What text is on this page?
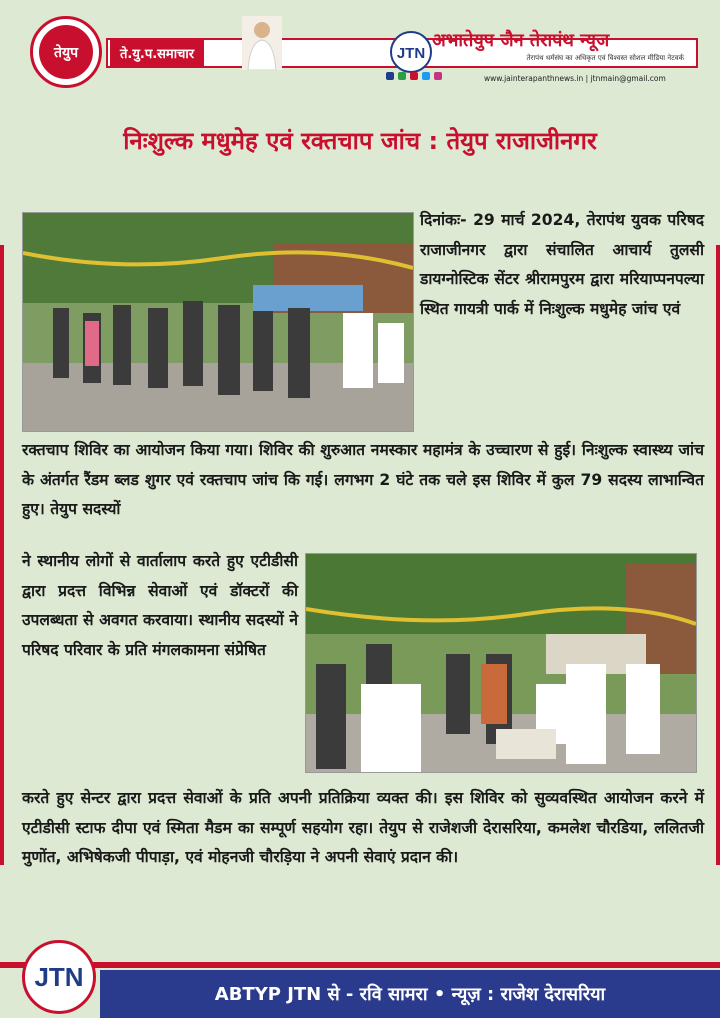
तेयुप	ते.यु.प.समाचार	JTN
अभातेयुप जैन तेरापंथ न्यूज
तेरापंथ धर्मसंघ का अधिकृत एवं विश्वस्त सोशल मीडिया नेटवर्क
www.jainterapanthnews.in | jtnmain@gmail.com
निःशुल्क मधुमेह एवं रक्तचाप जांच : तेयुप राजाजीनगर
दिनांकः- 29 मार्च 2024, तेरापंथ युवक परिषद राजाजीनगर द्वारा संचालित आचार्य तुलसी डायग्नोस्टिक सेंटर श्रीरामपुरम द्वारा मरियाप्पनपल्या स्थित गायत्री पार्क में निःशुल्क मधुमेह जांच एवं
रक्तचाप शिविर का आयोजन किया गया। शिविर की शुरुआत नमस्कार महामंत्र के उच्चारण से हुई। निःशुल्क स्वास्थ्य जांच के अंतर्गत रैंडम ब्लड शुगर एवं रक्तचाप जांच कि गई। लगभग 2 घंटे तक चले इस शिविर में कुल 79 सदस्य लाभान्वित हुए। तेयुप सदस्यों
ने स्थानीय लोगों से वार्तालाप करते हुए एटीडीसी द्वारा प्रदत्त विभिन्न सेवाओं एवं डॉक्टरों की उपलब्धता से अवगत करवाया। स्थानीय सदस्यों ने परिषद परिवार के प्रति मंगलकामना संप्रेषित
करते हुए सेन्टर द्वारा प्रदत्त सेवाओं के प्रति अपनी प्रतिक्रिया व्यक्त की। इस शिविर को सुव्यवस्थित आयोजन करने में एटीडीसी स्टाफ दीपा एवं स्मिता मैडम का सम्पूर्ण सहयोग रहा। तेयुप से राजेशजी देरासरिया, कमलेश चौरडिया, ललितजी मुणोंत, अभिषेकजी पीपाड़ा, एवं मोहनजी चौरड़िया ने अपनी सेवाएं प्रदान की।
ABTYP JTN से - रवि सामरा • न्यूज़ : राजेश देरासरिया
JTN
